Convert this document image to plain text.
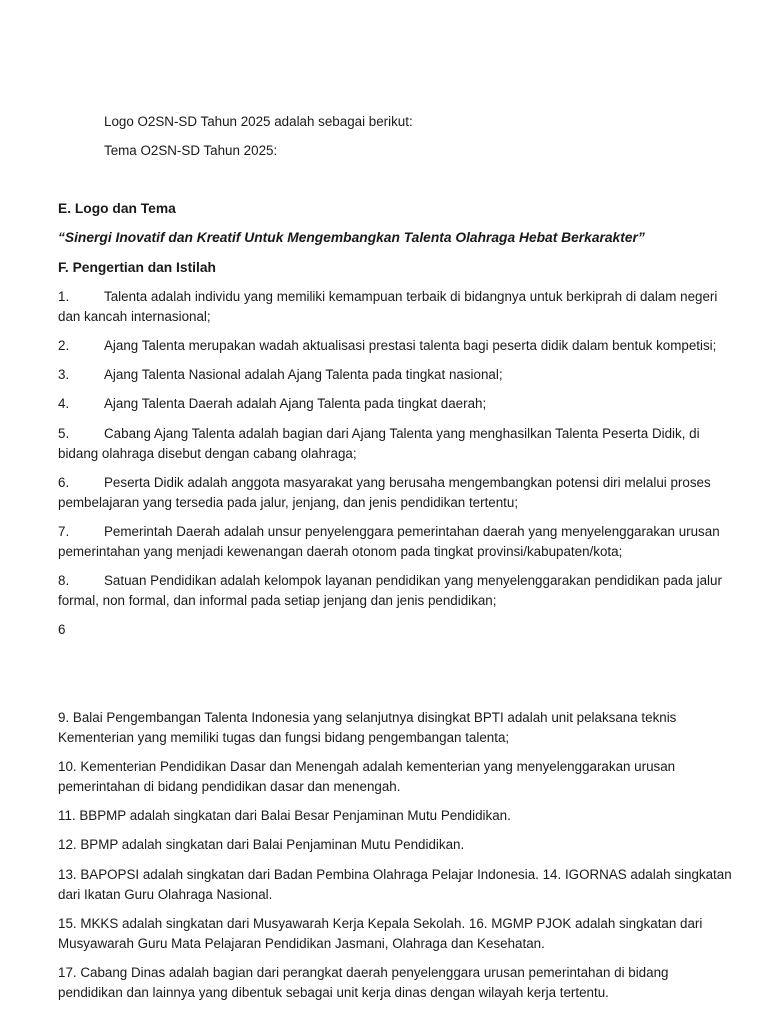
Logo O2SN-SD Tahun 2025 adalah sebagai berikut:
Tema O2SN-SD Tahun 2025:
E. Logo dan Tema
“Sinergi Inovatif dan Kreatif Untuk Mengembangkan Talenta Olahraga Hebat Berkarakter”
F. Pengertian dan Istilah
1.	Talenta adalah individu yang memiliki kemampuan terbaik di bidangnya untuk berkiprah di dalam negeri
dan kancah internasional;
2.	Ajang Talenta merupakan wadah aktualisasi prestasi talenta bagi peserta didik dalam bentuk kompetisi;
3.	Ajang Talenta Nasional adalah Ajang Talenta pada tingkat nasional;
4.	Ajang Talenta Daerah adalah Ajang Talenta pada tingkat daerah;
5.	Cabang Ajang Talenta adalah bagian dari Ajang Talenta yang menghasilkan Talenta Peserta Didik, di
bidang olahraga disebut dengan cabang olahraga;
6.	Peserta Didik adalah anggota masyarakat yang berusaha mengembangkan potensi diri melalui proses
pembelajaran yang tersedia pada jalur, jenjang, dan jenis pendidikan tertentu;
7.	Pemerintah Daerah adalah unsur penyelenggara pemerintahan daerah yang menyelenggarakan urusan
pemerintahan yang menjadi kewenangan daerah otonom pada tingkat provinsi/kabupaten/kota;
8.	Satuan Pendidikan adalah kelompok layanan pendidikan yang menyelenggarakan pendidikan pada jalur
formal, non formal, dan informal pada setiap jenjang dan jenis pendidikan;
6
9. Balai Pengembangan Talenta Indonesia yang selanjutnya disingkat BPTI adalah unit pelaksana teknis
Kementerian yang memiliki tugas dan fungsi bidang pengembangan talenta;
10. Kementerian Pendidikan Dasar dan Menengah adalah kementerian yang menyelenggarakan urusan
pemerintahan di bidang pendidikan dasar dan menengah.
11. BBPMP adalah singkatan dari Balai Besar Penjaminan Mutu Pendidikan.
12. BPMP adalah singkatan dari Balai Penjaminan Mutu Pendidikan.
13. BAPOPSI adalah singkatan dari Badan Pembina Olahraga Pelajar Indonesia. 14. IGORNAS adalah singkatan
dari Ikatan Guru Olahraga Nasional.
15. MKKS adalah singkatan dari Musyawarah Kerja Kepala Sekolah. 16. MGMP PJOK adalah singkatan dari
Musyawarah Guru Mata Pelajaran Pendidikan Jasmani, Olahraga dan Kesehatan.
17. Cabang Dinas adalah bagian dari perangkat daerah penyelenggara urusan pemerintahan di bidang
pendidikan dan lainnya yang dibentuk sebagai unit kerja dinas dengan wilayah kerja tertentu.
